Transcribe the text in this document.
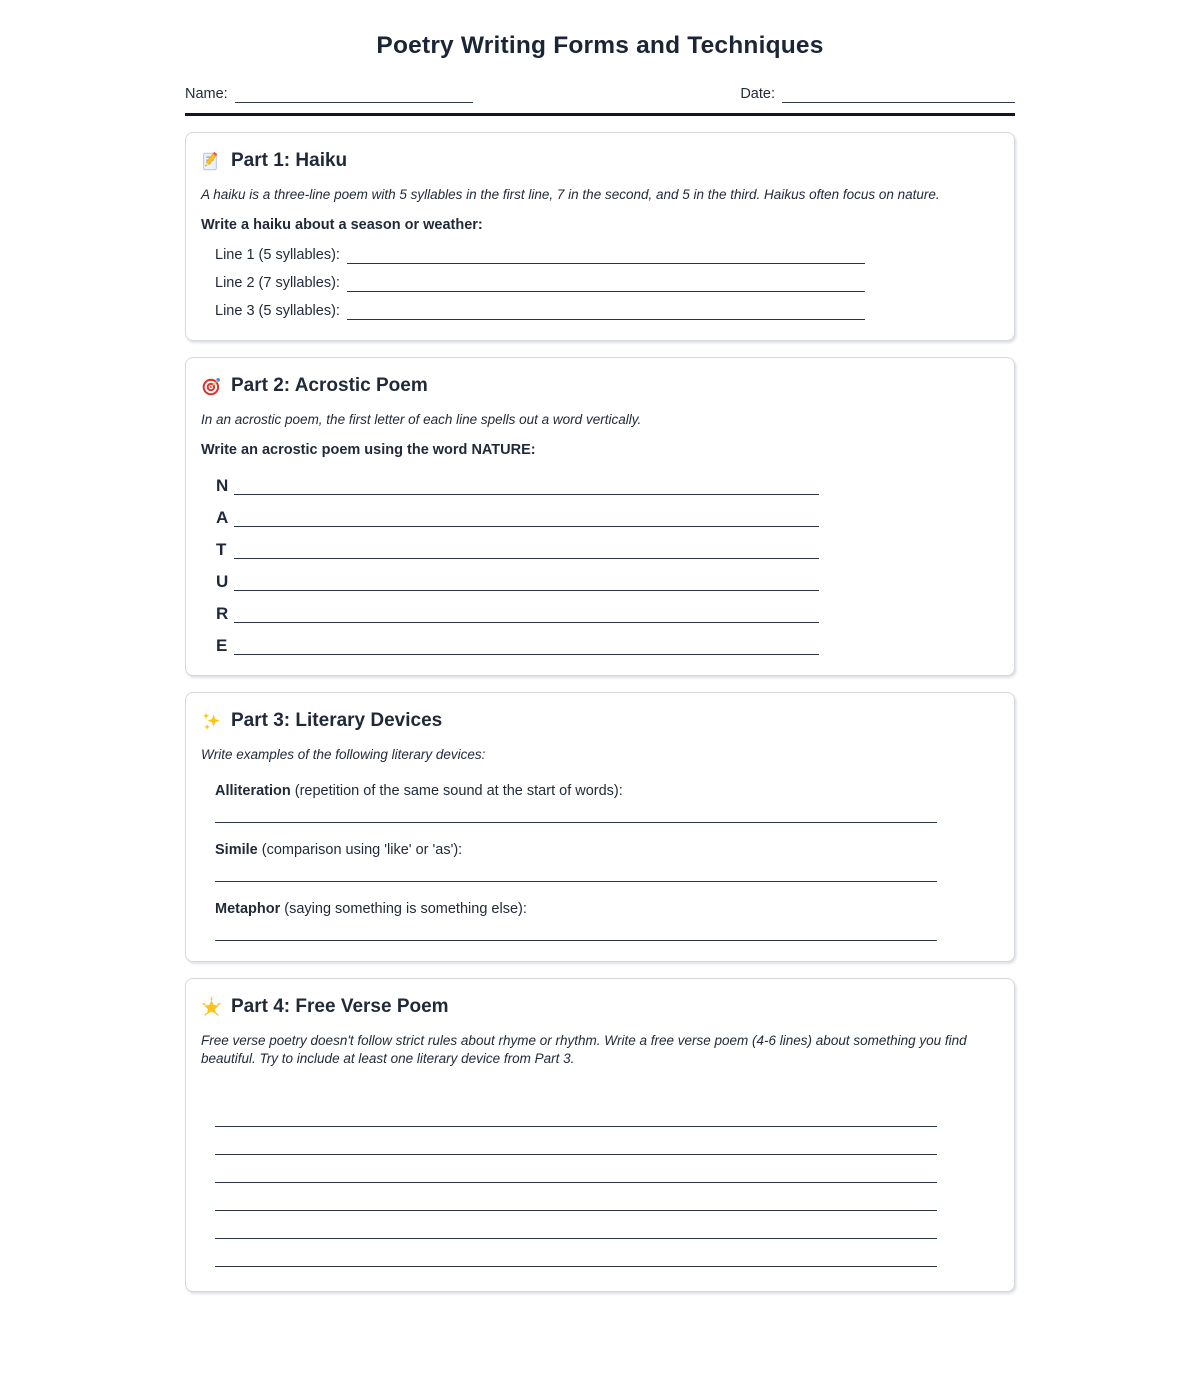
Poetry Writing Forms and Techniques
Name:	Date:
Part 1: Haiku
A haiku is a three-line poem with 5 syllables in the first line, 7 in the second, and 5 in the third. Haikus often focus on nature.
Write a haiku about a season or weather:
Line 1 (5 syllables):
Line 2 (7 syllables):
Line 3 (5 syllables):
Part 2: Acrostic Poem
In an acrostic poem, the first letter of each line spells out a word vertically.
Write an acrostic poem using the word NATURE:
N
A
T
U
R
E
Part 3: Literary Devices
Write examples of the following literary devices:
Alliteration (repetition of the same sound at the start of words):
Simile (comparison using 'like' or 'as'):
Metaphor (saying something is something else):
Part 4: Free Verse Poem
Free verse poetry doesn't follow strict rules about rhyme or rhythm. Write a free verse poem (4-6 lines) about something you find beautiful. Try to include at least one literary device from Part 3.
